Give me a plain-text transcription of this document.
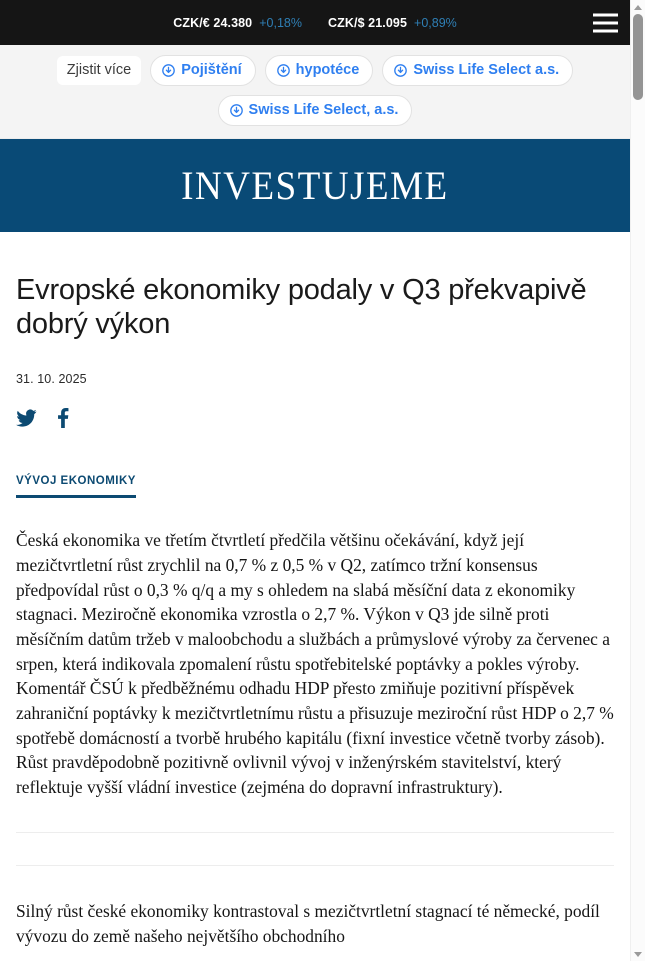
CZK/€ 24.380 +0,18% CZK/$ 21.095 +0,89%
Zjistit více	Pojištění	hypotéce	Swiss Life Select a.s.
Swiss Life Select, a.s.
INVESTUJEME
Evropské ekonomiky podaly v Q3 překvapivě dobrý výkon
31. 10. 2025
VÝVOJ EKONOMIKY

Česká ekonomika ve třetím čtvrtletí předčila většinu očekávání, když její mezičtvrtletní růst zrychlil na 0,7 % z 0,5 % v Q2, zatímco tržní konsensus předpovídal růst o 0,3 % q/q a my s ohledem na slabá měsíční data z ekonomiky stagnaci. Meziročně ekonomika vzrostla o 2,7 %. Výkon v Q3 jde silně proti měsíčním datům tržeb v maloobchodu a službách a průmyslové výroby za červenec a srpen, která indikovala zpomalení růstu spotřebitelské poptávky a pokles výroby. Komentář ČSÚ k předběžnému odhadu HDP přesto zmiňuje pozitivní příspěvek zahraniční poptávky k mezičtvrtletnímu růstu a přisuzuje meziroční růst HDP o 2,7 % spotřebě domácností a tvorbě hrubého kapitálu (fixní investice včetně tvorby zásob). Růst pravděpodobně pozitivně ovlivnil vývoj v inženýrském stavitelství, který reflektuje vyšší vládní investice (zejména do dopravní infrastruktury).

Silný růst české ekonomiky kontrastoval s mezičtvrtletní stagnací té německé, podíl vývozu do země našeho největšího obchodního
